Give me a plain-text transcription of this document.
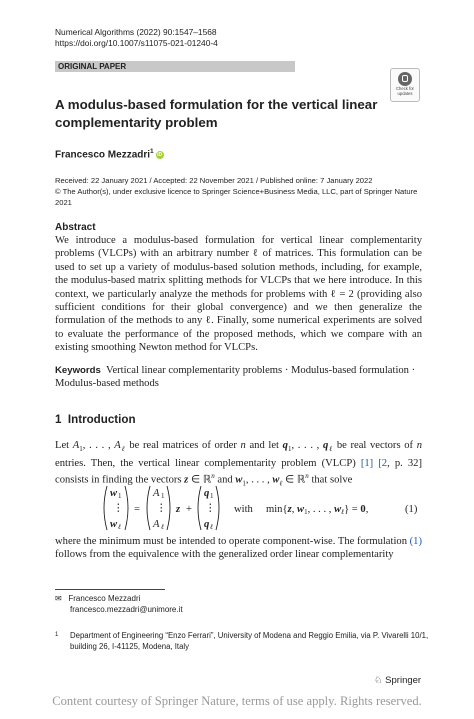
Numerical Algorithms (2022) 90:1547–1568
https://doi.org/10.1007/s11075-021-01240-4
ORIGINAL PAPER
Check for updates
A modulus-based formulation for the vertical linear complementarity problem
Francesco Mezzadri$^1$iD
Received: 22 January 2021 / Accepted: 22 November 2021 / Published online: 7 January 2022
© The Author(s), under exclusive licence to Springer Science+Business Media, LLC, part of Springer Nature 2021
Abstract
We introduce a modulus-based formulation for vertical linear complementarity problems (VLCPs) with an arbitrary number ℓ of matrices. This formulation can be used to set up a variety of modulus-based solution methods, including, for example, the modulus-based matrix splitting methods for VLCPs that we here introduce. In this context, we particularly analyze the methods for problems with ℓ = 2 (providing also sufficient conditions for their global convergence) and we then generalize the formulation of the methods to any ℓ. Finally, some numerical experiments are solved to evaluate the performance of the proposed methods, which we compare with an existing smoothing Newton method for VLCPs.
Keywords Vertical linear complementarity problems · Modulus-based formulation · Modulus-based methods
1 Introduction
Let $A_1$, . . . , $A_\ell$ be real matrices of order n and let $q_1$, . . . , $q_\ell$ be real vectors of n entries. Then, the vertical linear complementarity problem (VLCP) [1] [2, p. 32] consists in finding the vectors z ∈ ℝ$^n$ and $w_1$, . . . , $w_\ell$ ∈ ℝ$^n$ that solve
w 1
⋮
w ℓ
=
A 1
⋮
A ℓ
z +
q 1
⋮
q ℓ
with min{z, w1, . . . , wℓ} = 0,	(1)
where the minimum must be intended to operate component-wise. The formulation (1) follows from the equivalence with the generalized order linear complementarity
✉ Francesco Mezzadri
francesco.mezzadri@unimore.it
1 Department of Engineering “Enzo Ferrari”, University of Modena and Reggio Emilia, via P. Vivarelli 10/1, building 26, I-41125, Modena, Italy
♘ Springer
Content courtesy of Springer Nature, terms of use apply. Rights reserved.
